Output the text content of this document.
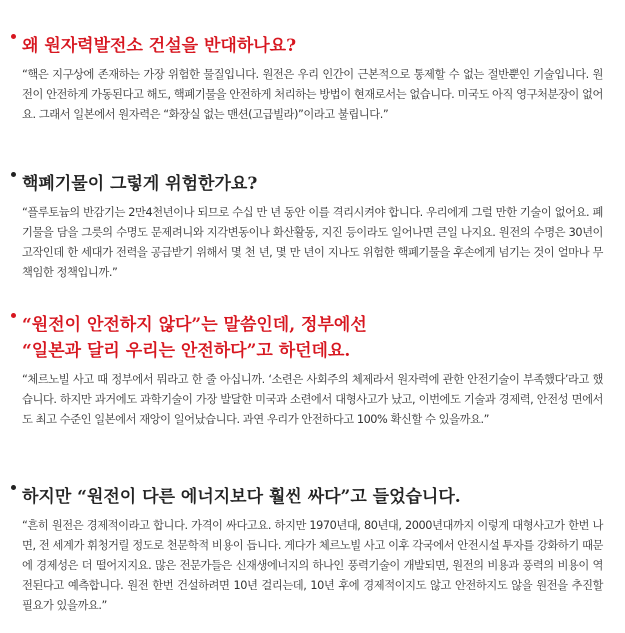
왜 원자력발전소 건설을 반대하나요?

“핵은 지구상에 존재하는 가장 위험한 물질입니다. 원전은 우리 인간이 근본적으로 통제할 수 없는 절반뿐인 기술입니다. 원전이 안전하게 가동된다고 해도, 핵폐기물을 안전하게 처리하는 방법이 현재로서는 없습니다. 미국도 아직 영구처분장이 없어요. 그래서 일본에서 원자력은 “화장실 없는 맨션(고급빌라)”이라고 불립니다.”

핵폐기물이 그렇게 위험한가요?

“플루토늄의 반감기는 2만4천년이나 되므로 수십 만 년 동안 이를 격리시켜야 합니다. 우리에게 그럴 만한 기술이 없어요. 폐기물을 담을 그릇의 수명도 문제려니와 지각변동이나 화산활동, 지진 등이라도 일어나면 큰일 나지요. 원전의 수명은 30년이 고작인데 한 세대가 전력을 공급받기 위해서 몇 천 년, 몇 만 년이 지나도 위험한 핵폐기물을 후손에게 넘기는 것이 얼마나 무책임한 정책입니까.”

“원전이 안전하지 않다”는 말씀인데, 정부에선
“일본과 달리 우리는 안전하다”고 하던데요.

“체르노빌 사고 때 정부에서 뭐라고 한 줄 아십니까. ‘소련은 사회주의 체제라서 원자력에 관한 안전기술이 부족했다’라고 했습니다. 하지만 과거에도 과학기술이 가장 발달한 미국과 소련에서 대형사고가 났고, 이번에도 기술과 경제력, 안전성 면에서도 최고 수준인 일본에서 재앙이 일어났습니다. 과연 우리가 안전하다고 100% 확신할 수 있을까요.”

하지만 “원전이 다른 에너지보다 훨씬 싸다”고 들었습니다.

“흔히 원전은 경제적이라고 합니다. 가격이 싸다고요. 하지만 1970년대, 80년대, 2000년대까지 이렇게 대형사고가 한번 나면, 전 세계가 휘청거릴 정도로 천문학적 비용이 듭니다. 게다가 체르노빌 사고 이후 각국에서 안전시설 투자를 강화하기 때문에 경제성은 더 떨어지지요. 많은 전문가들은 신재생에너지의 하나인 풍력기술이 개발되면, 원전의 비용과 풍력의 비용이 역전된다고 예측합니다. 원전 한번 건설하려면 10년 걸리는데, 10년 후에 경제적이지도 않고 안전하지도 않을 원전을 추진할 필요가 있을까요.”
